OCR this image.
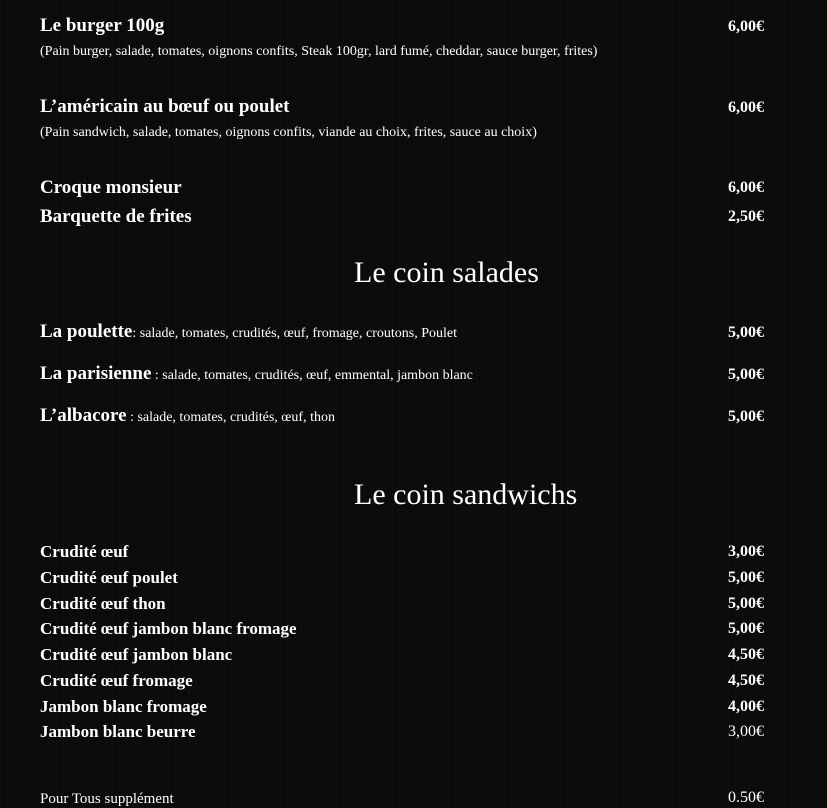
Le burger 100g	6,00€
(Pain burger, salade, tomates, oignons confits, Steak 100gr, lard fumé, cheddar, sauce burger, frites)
L’américain au bœuf ou poulet	6,00€
(Pain sandwich, salade, tomates, oignons confits, viande au choix, frites, sauce au choix)
Croque monsieur	6,00€
Barquette de frites	2,50€
Le coin salades
La poulette: salade, tomates, crudités, œuf, fromage, croutons, Poulet	5,00€
La parisienne : salade, tomates, crudités, œuf, emmental, jambon blanc	5,00€
L’albacore : salade, tomates, crudités, œuf, thon	5,00€
Le coin sandwichs
Crudité œuf	3,00€
Crudité œuf poulet	5,00€
Crudité œuf thon	5,00€
Crudité œuf jambon blanc fromage	5,00€
Crudité œuf jambon blanc	4,50€
Crudité œuf fromage	4,50€
Jambon blanc fromage	4,00€
Jambon blanc beurre	3,00€
Pour Tous supplément	0.50€
